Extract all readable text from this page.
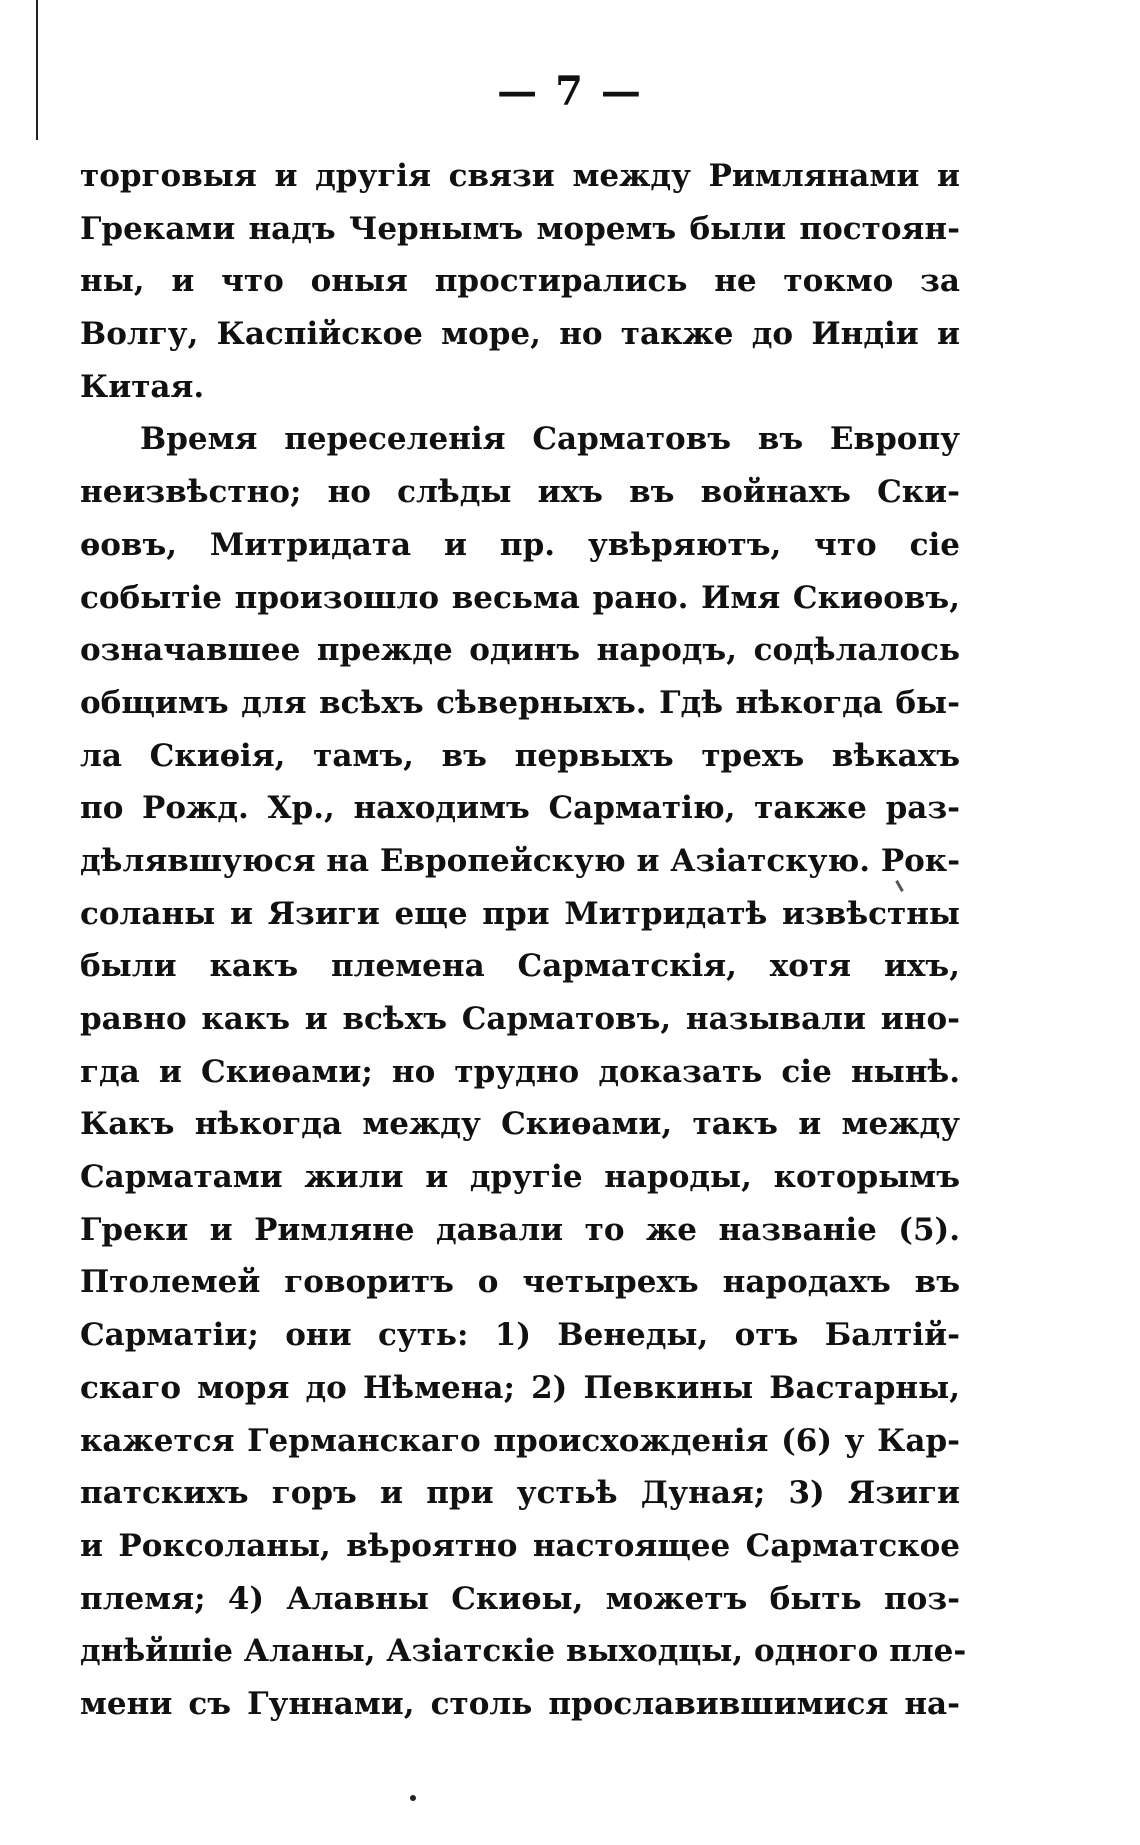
— 7 —
торговыя и другія связи между Римлянами и
Греками надъ Чернымъ моремъ были постоян-
ны, и что оныя простирались не токмо за
Волгу, Каспійское море, но также до Индіи и
Китая.
Время переселенія Сарматовъ въ Европу
неизвѣстно; но слѣды ихъ въ войнахъ Ски-
ѳовъ, Митридата и пр. увѣряютъ, что сіе
событіе произошло весьма рано. Имя Скиѳовъ,
означавшее прежде одинъ народъ, содѣлалось
общимъ для всѣхъ сѣверныхъ. Гдѣ нѣкогда бы-
ла Скиѳія, тамъ, въ первыхъ трехъ вѣкахъ
по Рожд. Хр., находимъ Сарматію, также раз-
дѣлявшуюся на Европейскую и Азіатскую. Рок-
соланы и Язиги еще при Митридатѣ извѣстны
были какъ племена Сарматскія, хотя ихъ,
равно какъ и всѣхъ Сарматовъ, называли ино-
гда и Скиѳами; но трудно доказать сіе нынѣ.
Какъ нѣкогда между Скиѳами, такъ и между
Сарматами жили и другіе народы, которымъ
Греки и Римляне давали то же названіе (5).
Птолемей говоритъ о четырехъ народахъ въ
Сарматіи; они суть: 1) Венеды, отъ Балтій-
скаго моря до Нѣмена; 2) Певкины Вастарны,
кажется Германскаго происхожденія (6) у Кар-
патскихъ горъ и при устьѣ Дуная; 3) Язиги
и Роксоланы, вѣроятно настоящее Сарматское
племя; 4) Алавны Скиѳы, можетъ быть поз-
днѣйшіе Аланы, Азіатскіе выходцы, одного пле-
мени съ Гуннами, столь прославившимися на-
